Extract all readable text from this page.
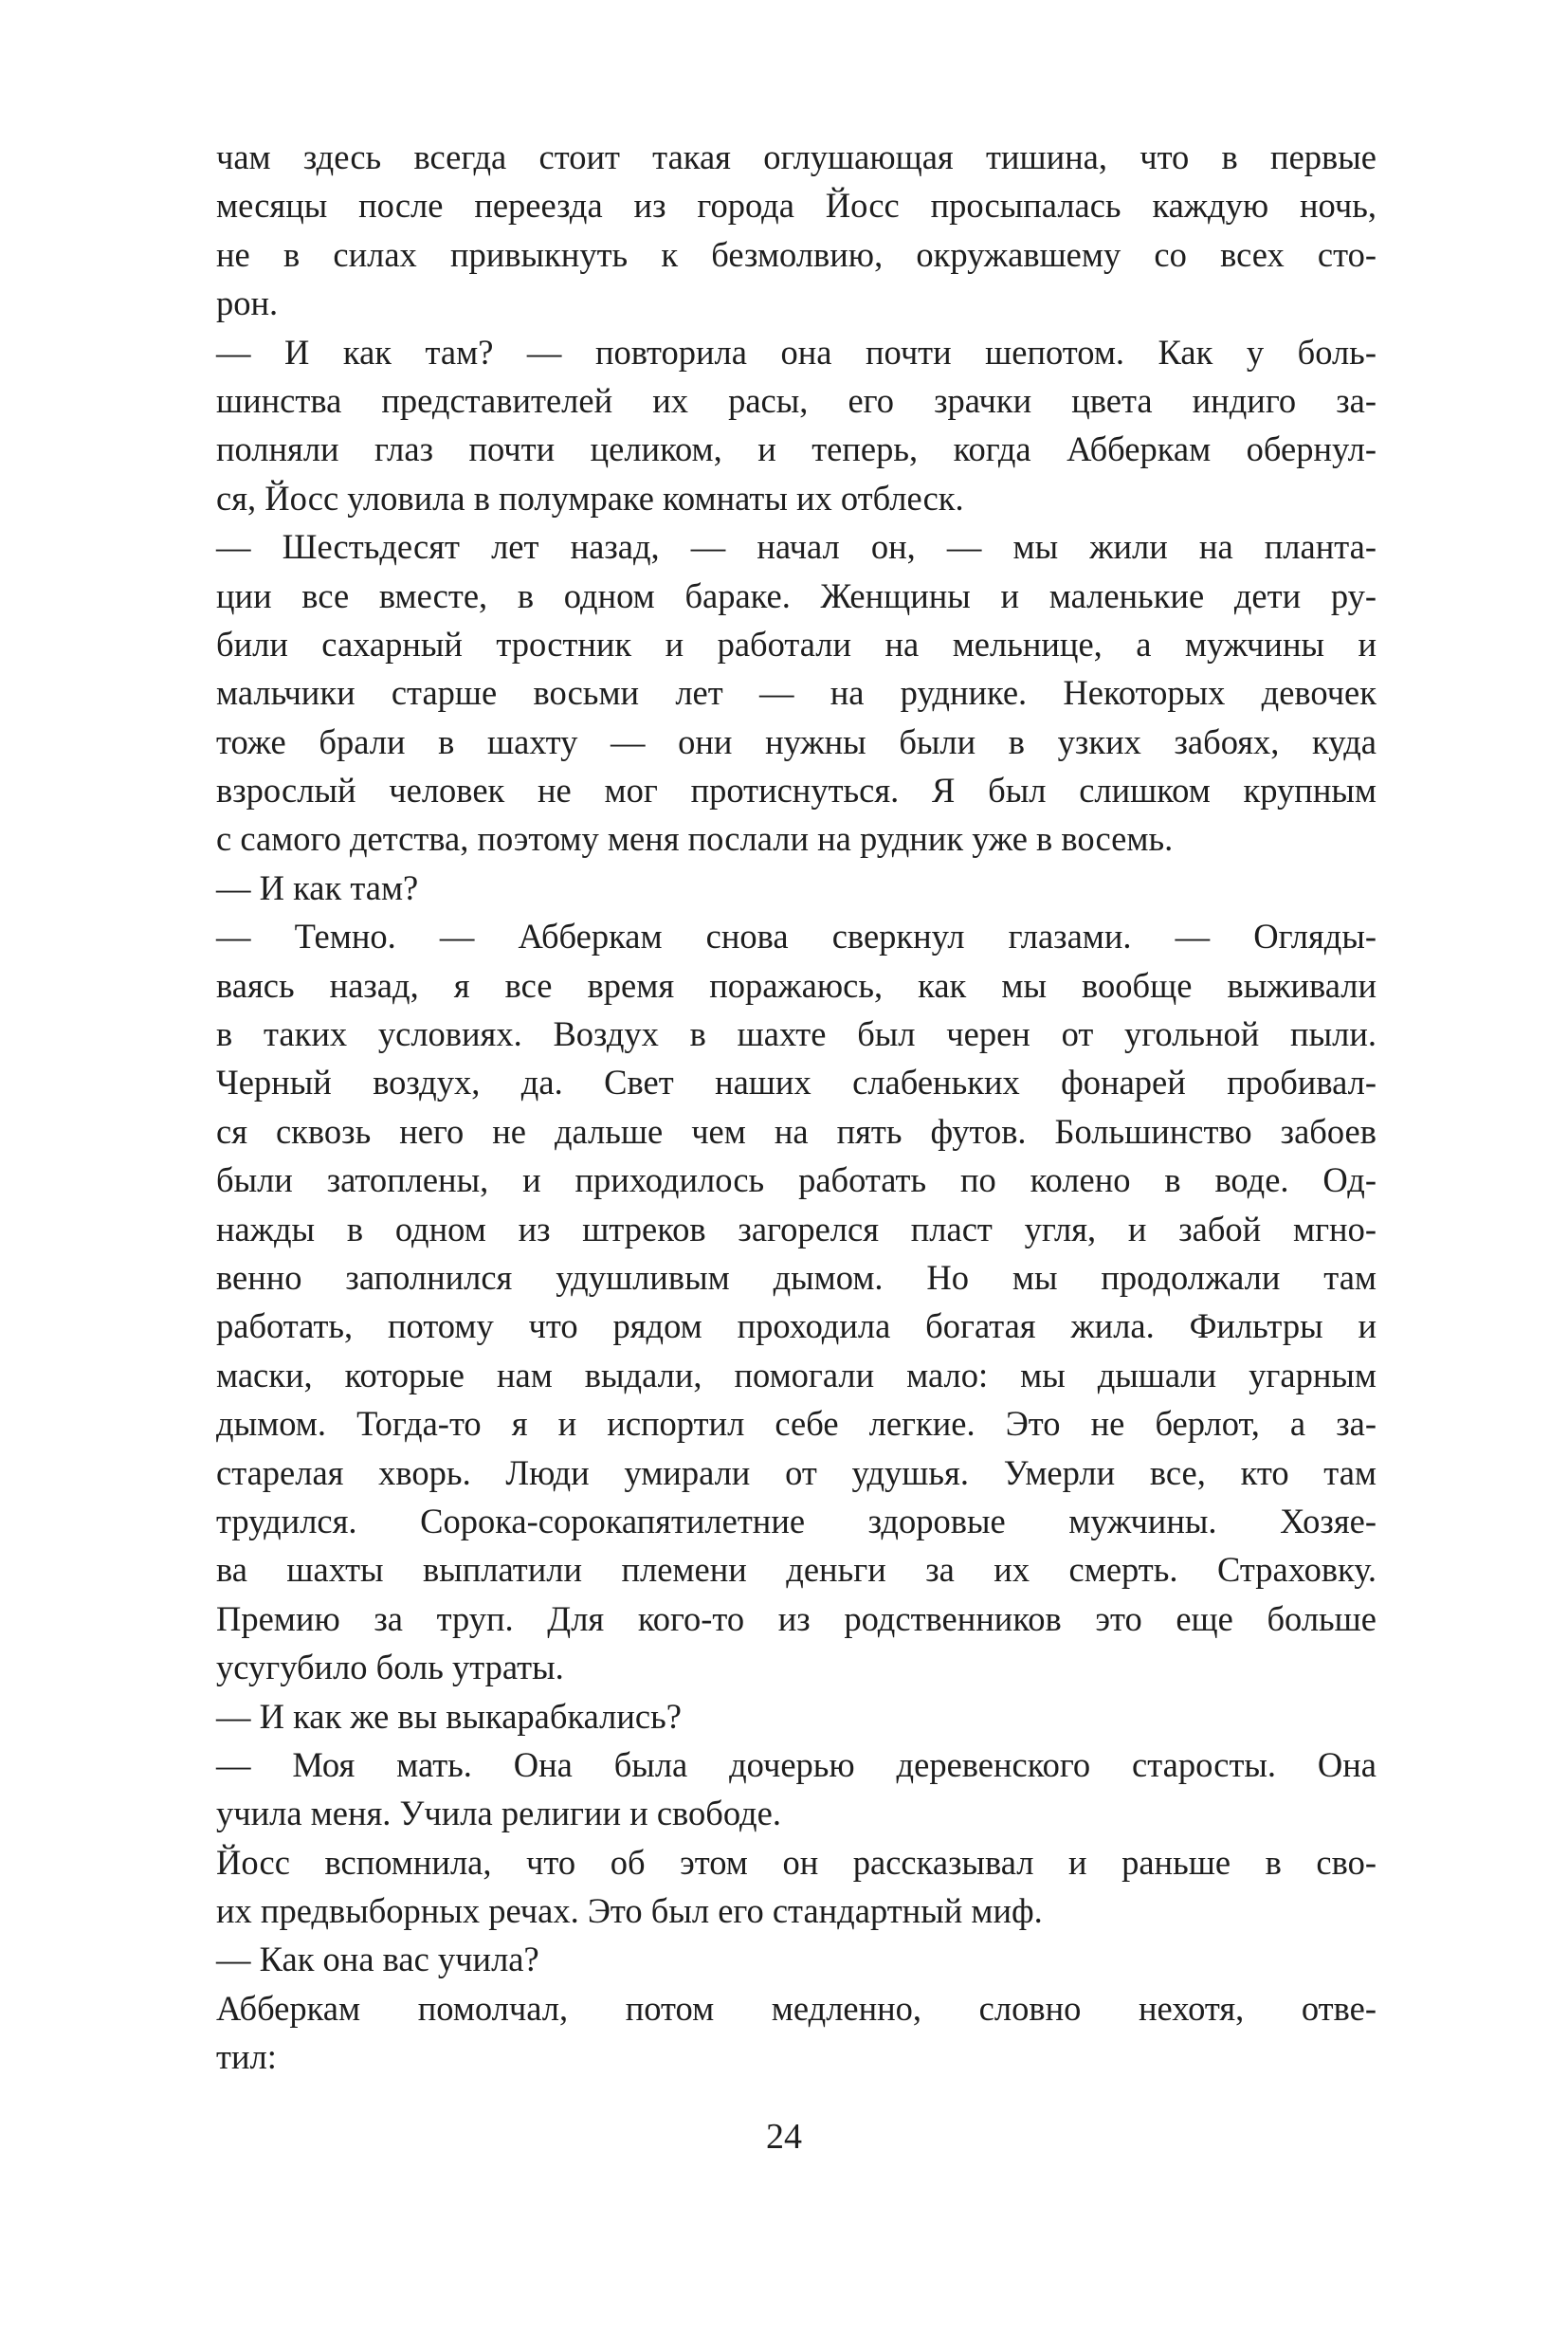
чам здесь всегда стоит такая оглушающая тишина, что в первые
месяцы после переезда из города Йосс просыпалась каждую ночь,
не в силах привыкнуть к безмолвию, окружавшему со всех сто-
рон.
— И как там? — повторила она почти шепотом. Как у боль-
шинства представителей их расы, его зрачки цвета индиго за-
полняли глаз почти целиком, и теперь, когда Абберкам обернул-
ся, Йосс уловила в полумраке комнаты их отблеск.
— Шестьдесят лет назад, — начал он, — мы жили на планта-
ции все вместе, в одном бараке. Женщины и маленькие дети ру-
били сахарный тростник и работали на мельнице, а мужчины и
мальчики старше восьми лет — на руднике. Некоторых девочек
тоже брали в шахту — они нужны были в узких забоях, куда
взрослый человек не мог протиснуться. Я был слишком крупным
с самого детства, поэтому меня послали на рудник уже в восемь.
— И как там?
— Темно. — Абберкам снова сверкнул глазами. — Огляды-
ваясь назад, я все время поражаюсь, как мы вообще выживали
в таких условиях. Воздух в шахте был черен от угольной пыли.
Черный воздух, да. Свет наших слабеньких фонарей пробивал-
ся сквозь него не дальше чем на пять футов. Большинство забоев
были затоплены, и приходилось работать по колено в воде. Од-
нажды в одном из штреков загорелся пласт угля, и забой мгно-
венно заполнился удушливым дымом. Но мы продолжали там
работать, потому что рядом проходила богатая жила. Фильтры и
маски, которые нам выдали, помогали мало: мы дышали угарным
дымом. Тогда-то я и испортил себе легкие. Это не берлот, а за-
старелая хворь. Люди умирали от удушья. Умерли все, кто там
трудился. Сорока-сорокапятилетние здоровые мужчины. Хозяе-
ва шахты выплатили племени деньги за их смерть. Страховку.
Премию за труп. Для кого-то из родственников это еще больше
усугубило боль утраты.
— И как же вы выкарабкались?
— Моя мать. Она была дочерью деревенского старосты. Она
учила меня. Учила религии и свободе.
Йосс вспомнила, что об этом он рассказывал и раньше в сво-
их предвыборных речах. Это был его стандартный миф.
— Как она вас учила?
Абберкам помолчал, потом медленно, словно нехотя, отве-
тил:
24
